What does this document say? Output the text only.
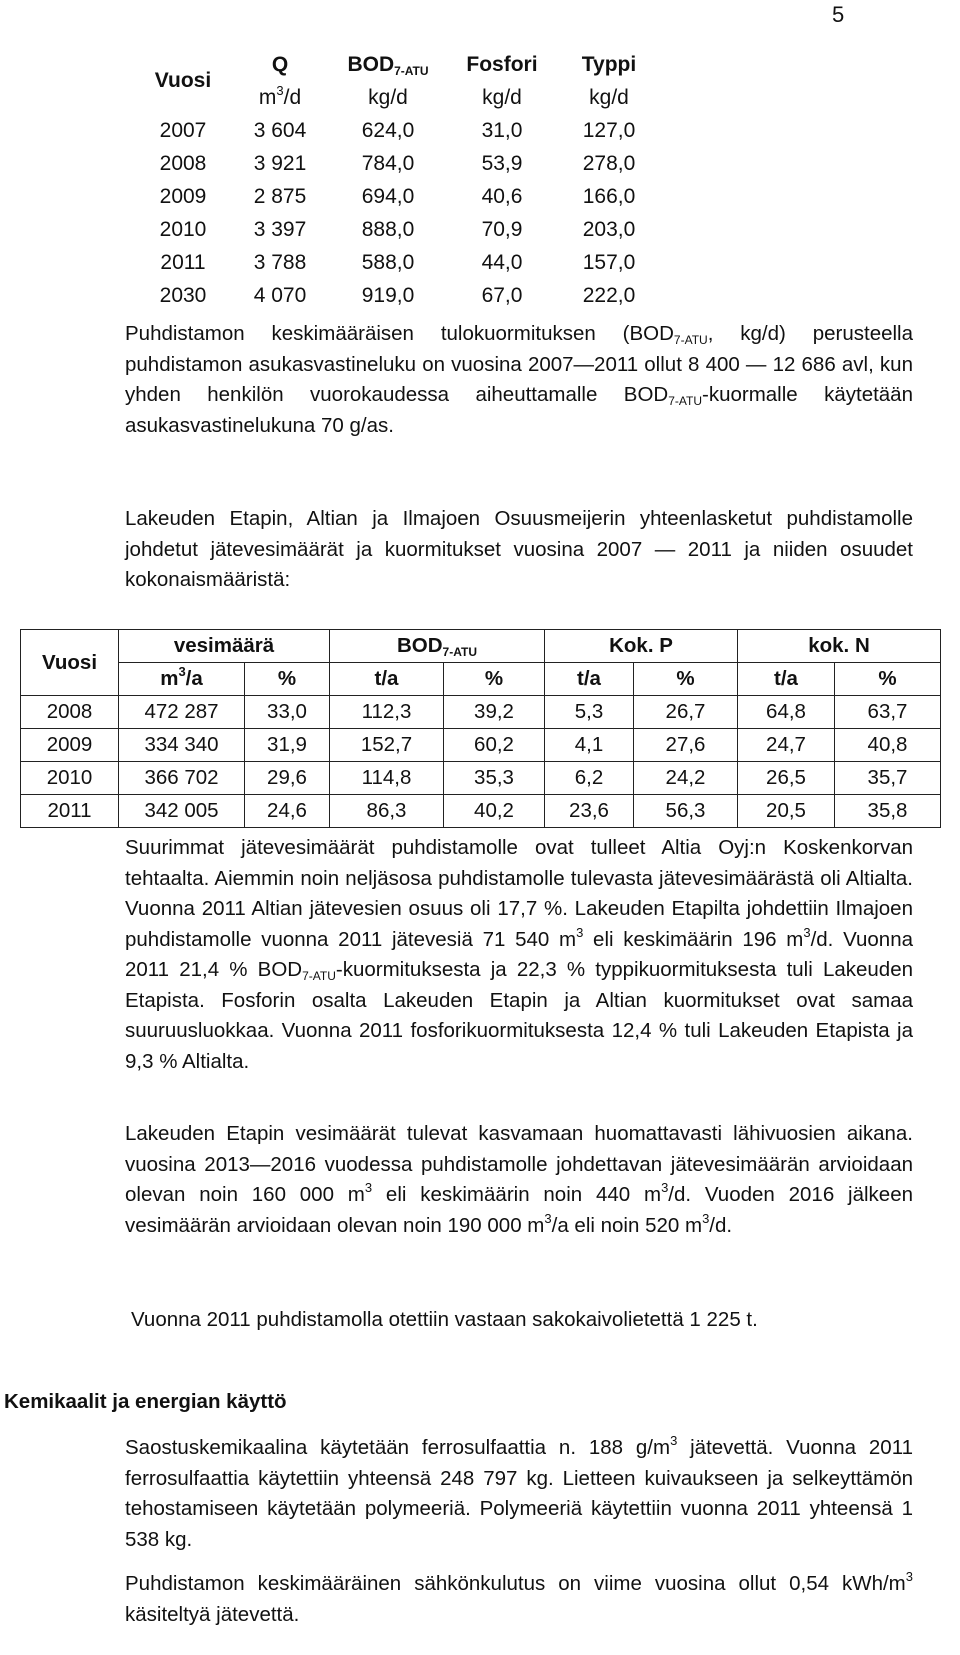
5
Vuosi	Q	$BOD_{7-ATU}$	Fosfori	Typpi
	$m^3/d$	kg/d	kg/d	kg/d
2007	3 604	624,0	31,0	127,0
2008	3 921	784,0	53,9	278,0
2009	2 875	694,0	40,6	166,0
2010	3 397	888,0	70,9	203,0
2011	3 788	588,0	44,0	157,0
2030	4 070	919,0	67,0	222,0

Puhdistamon keskimääräisen tulokuormituksen ($BOD_{7-ATU}$, kg/d) perusteella puhdistamon asukasvastineluku on vuosina 2007—2011 ollut 8 400 — 12 686 avl, kun yhden henkilön vuorokaudessa aiheuttamalle $BOD_{7-ATU}$-kuormalle käytetään asukasvastinelukuna 70 g/as.

Lakeuden Etapin, Altian ja Ilmajoen Osuusmeijerin yhteenlasketut puhdistamolle johdetut jätevesimäärät ja kuormitukset vuosina 2007 — 2011 ja niiden osuudet kokonaismääristä:

Vuosi	vesimäärä		$BOD_{7-ATU}$		Kok. P		kok. N	
	$m^3/a$	%	t/a	%	t/a	%	t/a	%
2008	472 287	33,0	112,3	39,2	5,3	26,7	64,8	63,7
2009	334 340	31,9	152,7	60,2	4,1	27,6	24,7	40,8
2010	366 702	29,6	114,8	35,3	6,2	24,2	26,5	35,7
2011	342 005	24,6	86,3	40,2	23,6	56,3	20,5	35,8

Suurimmat jätevesimäärät puhdistamolle ovat tulleet Altia Oyj:n Koskenkorvan tehtaalta. Aiemmin noin neljäsosa puhdistamolle tulevasta jätevesimäärästä oli Altialta. Vuonna 2011 Altian jätevesien osuus oli 17,7 %. Lakeuden Etapilta johdettiin Ilmajoen puhdistamolle vuonna 2011 jätevesiä 71 540 $m^3$ eli keskimäärin 196 $m^3/d$. Vuonna 2011 21,4 % $BOD_{7-ATU}$-kuormituksesta ja 22,3 % typpikuormituksesta tuli Lakeuden Etapista. Fosforin osalta Lakeuden Etapin ja Altian kuormitukset ovat samaa suuruusluokkaa. Vuonna 2011 fosforikuormituksesta 12,4 % tuli Lakeuden Etapista ja 9,3 % Altialta.

Lakeuden Etapin vesimäärät tulevat kasvamaan huomattavasti lähivuosien aikana. vuosina 2013—2016 vuodessa puhdistamolle johdettavan jätevesimäärän arvioidaan olevan noin 160 000 $m^3$ eli keskimäärin noin 440 $m^3/d$. Vuoden 2016 jälkeen vesimäärän arvioidaan olevan noin 190 000 $m^3/a$ eli noin 520 $m^3/d$.

Vuonna 2011 puhdistamolla otettiin vastaan sakokaivolietettä 1 225 t.

Kemikaalit ja energian käyttö

Saostuskemikaalina käytetään ferrosulfaattia n. 188 $g/m^3$ jätevettä. Vuonna 2011 ferrosulfaattia käytettiin yhteensä 248 797 kg. Lietteen kuivaukseen ja selkeyttämön tehostamiseen käytetään polymeeriä. Polymeeriä käytettiin vuonna 2011 yhteensä 1 538 kg.

Puhdistamon keskimääräinen sähkönkulutus on viime vuosina ollut 0,54 kWh/$m^3$ käsiteltyä jätevettä.
